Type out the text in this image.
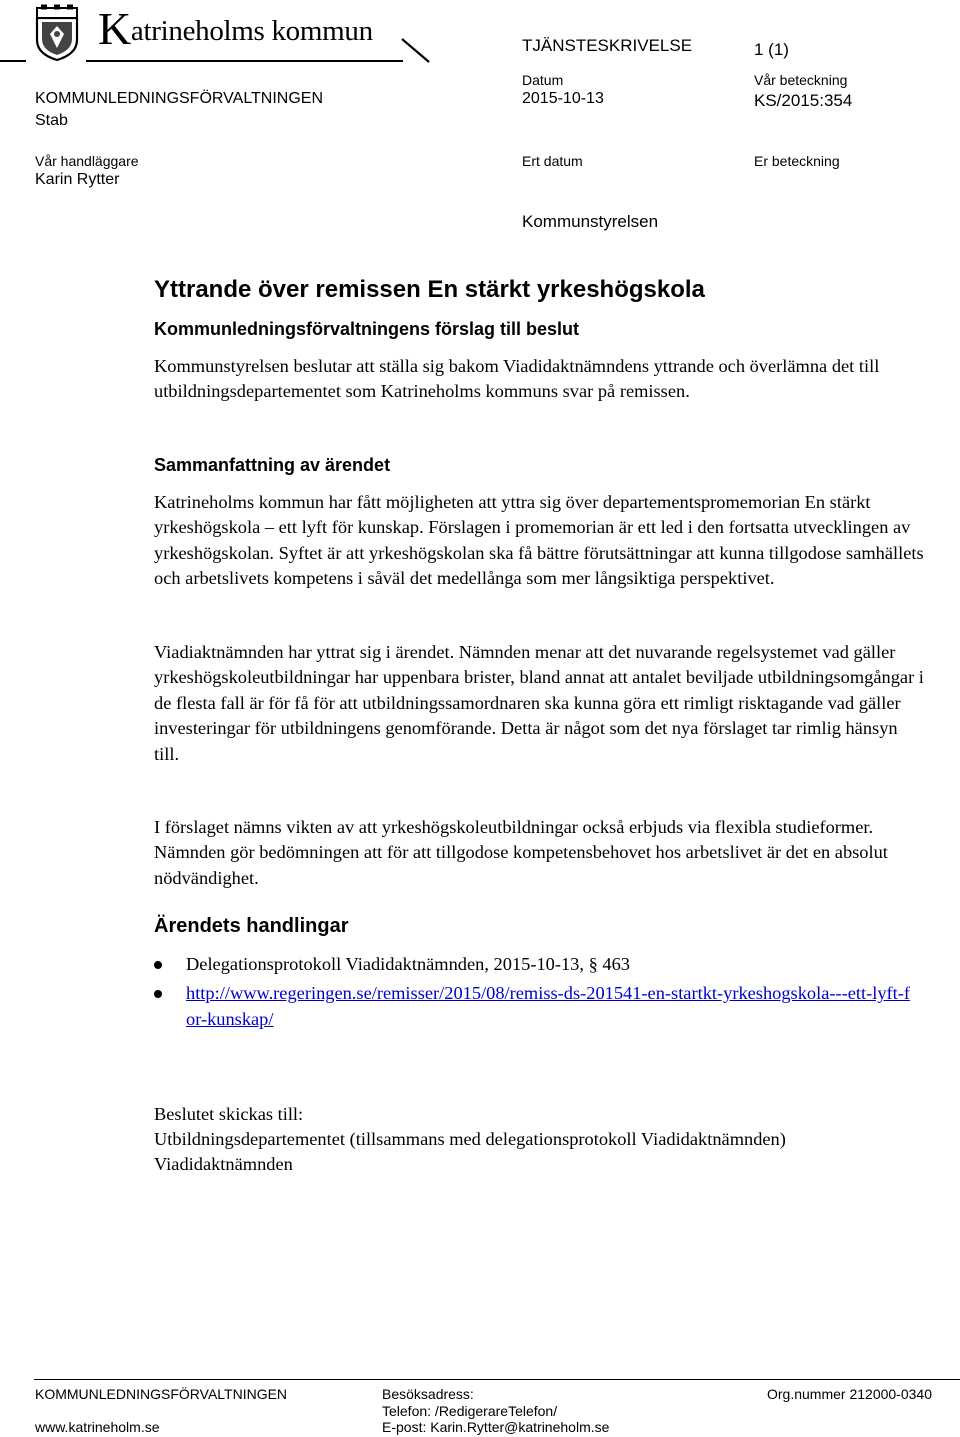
Katrineholms kommun	TJÄNSTESKRIVELSE	1 (1)
KOMMUNLEDNINGSFÖRVALTNINGEN
Stab
Datum
2015-10-13
Vår beteckning
KS/2015:354
Vår handläggare
Karin Rytter
Ert datum	Er beteckning
Kommunstyrelsen
Yttrande över remissen En stärkt yrkeshögskola
Kommunledningsförvaltningens förslag till beslut

Kommunstyrelsen beslutar att ställa sig bakom Viadidaktnämndens yttrande och överlämna det till utbildningsdepartementet som Katrineholms kommuns svar på remissen.

Sammanfattning av ärendet

Katrineholms kommun har fått möjligheten att yttra sig över departementspromemorian En stärkt yrkeshögskola – ett lyft för kunskap. Förslagen i promemorian är ett led i den fortsatta utvecklingen av yrkeshögskolan. Syftet är att yrkeshögskolan ska få bättre förutsättningar att kunna tillgodose samhällets och arbetslivets kompetens i såväl det medellånga som mer långsiktiga perspektivet.

Viadiaktnämnden har yttrat sig i ärendet. Nämnden menar att det nuvarande regelsystemet vad gäller yrkeshögskoleutbildningar har uppenbara brister, bland annat att antalet beviljade utbildningsomgångar i de flesta fall är för få för att utbildningssamordnaren ska kunna göra ett rimligt risktagande vad gäller investeringar för utbildningens genomförande. Detta är något som det nya förslaget tar rimlig hänsyn till.

I förslaget nämns vikten av att yrkeshögskoleutbildningar också erbjuds via flexibla studieformer. Nämnden gör bedömningen att för att tillgodose kompetensbehovet hos arbetslivet är det en absolut nödvändighet.

Ärendets handlingar
Delegationsprotokoll Viadidaktnämnden, 2015-10-13, § 463
http://www.regeringen.se/remisser/2015/08/remiss-ds-201541-en-startkt-yrkeshogskola---ett-lyft-for-kunskap/
Beslutet skickas till:
Utbildningsdepartementet (tillsammans med delegationsprotokoll Viadidaktnämnden)
Viadidaktnämnden
KOMMUNLEDNINGSFÖRVALTNINGEN
www.katrineholm.se
Besöksadress:
Telefon: /RedigerareTelefon/
E-post: Karin.Rytter@katrineholm.se
Org.nummer 212000-0340
